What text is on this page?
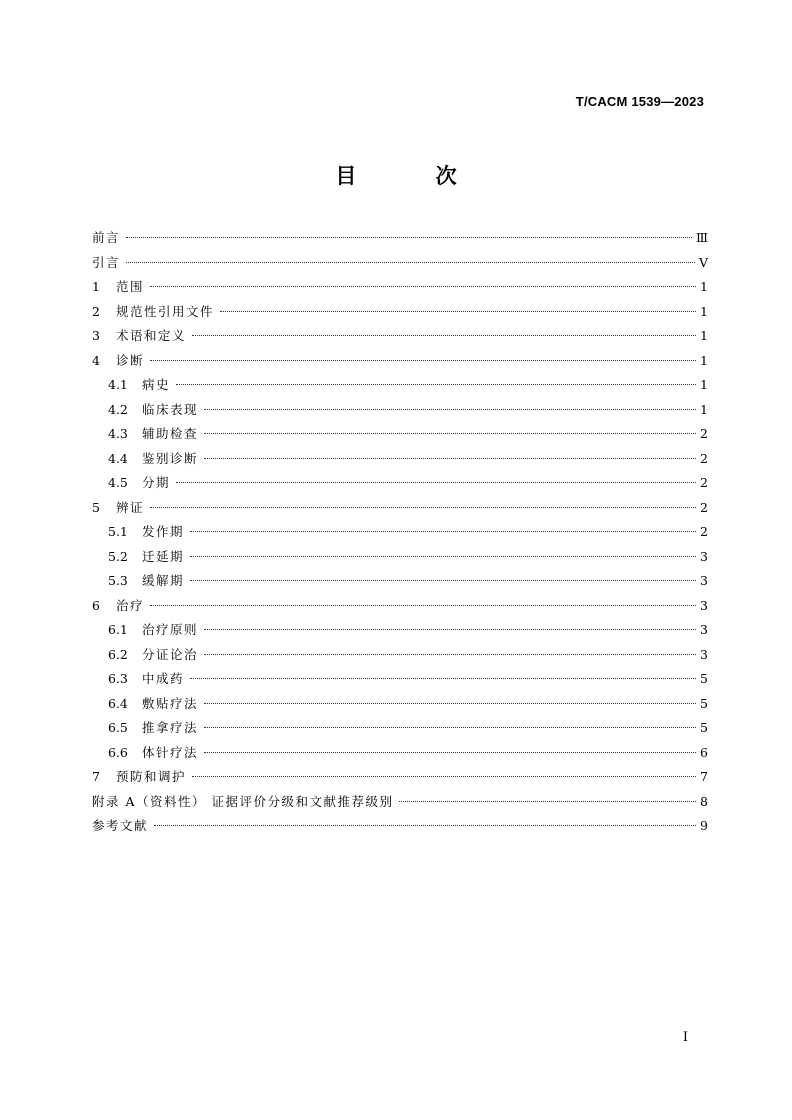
T/CACM 1539—2023
目 次
前言	Ⅲ
引言	Ⅴ
1	范围	1
2	规范性引用文件	1
3	术语和定义	1
4	诊断	1
4.1	病史	1
4.2	临床表现	1
4.3	辅助检查	2
4.4	鉴别诊断	2
4.5	分期	2
5	辨证	2
5.1	发作期	2
5.2	迁延期	3
5.3	缓解期	3
6	治疗	3
6.1	治疗原则	3
6.2	分证论治	3
6.3	中成药	5
6.4	敷贴疗法	5
6.5	推拿疗法	5
6.6	体针疗法	6
7	预防和调护	7
附录 A（资料性） 证据评价分级和文献推荐级别	8
参考文献	9
Ⅰ
